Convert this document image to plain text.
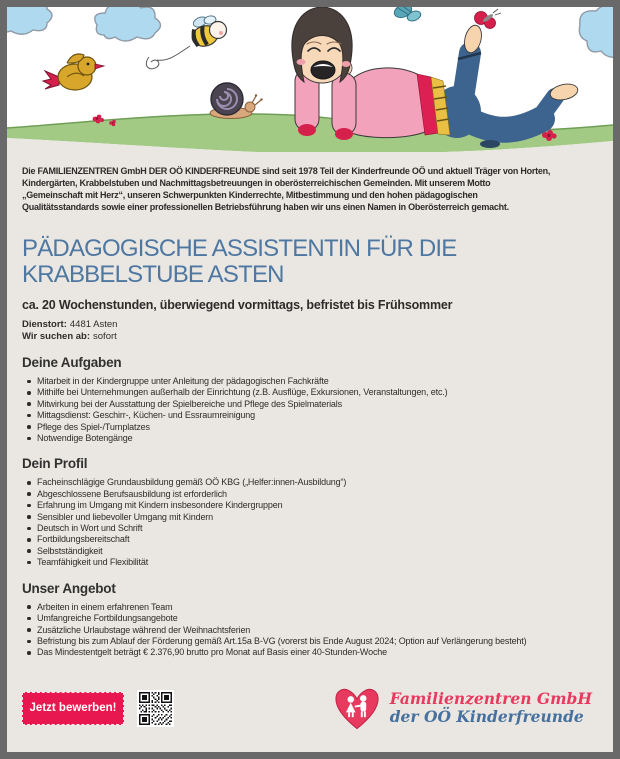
Die FAMILIENZENTREN GmbH DER OÖ KINDERFREUNDE sind seit 1978 Teil der Kinderfreunde OÖ und aktuell Träger von Horten,
Kindergärten, Krabbelstuben und Nachmittagsbetreuungen in oberösterreichischen Gemeinden. Mit unserem Motto
„Gemeinschaft mit Herz“, unseren Schwerpunkten Kinderrechte, Mitbestimmung und den hohen pädagogischen
Qualitätsstandards sowie einer professionellen Betriebsführung haben wir uns einen Namen in Oberösterreich gemacht.
PÄDAGOGISCHE ASSISTENTIN FÜR DIE
KRABBELSTUBE ASTEN
ca. 20 Wochenstunden, überwiegend vormittags, befristet bis Frühsommer
Dienstort: 4481 Asten
Wir suchen ab: sofort
Deine Aufgaben
Mitarbeit in der Kindergruppe unter Anleitung der pädagogischen Fachkräfte
Mithilfe bei Unternehmungen außerhalb der Einrichtung (z.B. Ausflüge, Exkursionen, Veranstaltungen, etc.)
Mitwirkung bei der Ausstattung der Spielbereiche und Pflege des Spielmaterials
Mittagsdienst: Geschirr-, Küchen- und Essraumreinigung
Pflege des Spiel-/Turnplatzes
Notwendige Botengänge
Dein Profil
Facheinschlägige Grundausbildung gemäß OÖ KBG („Helfer:innen-Ausbildung“)
Abgeschlossene Berufsausbildung ist erforderlich
Erfahrung im Umgang mit Kindern insbesondere Kindergruppen
Sensibler und liebevoller Umgang mit Kindern
Deutsch in Wort und Schrift
Fortbildungsbereitschaft
Selbstständigkeit
Teamfähigkeit und Flexibilität
Unser Angebot
Arbeiten in einem erfahrenen Team
Umfangreiche Fortbildungsangebote
Zusätzliche Urlaubstage während der Weihnachtsferien
Befristung bis zum Ablauf der Förderung gemäß Art.15a B-VG (vorerst bis Ende August 2024; Option auf Verlängerung besteht)
Das Mindestentgelt beträgt € 2.376,90 brutto pro Monat auf Basis einer 40-Stunden-Woche
Jetzt bewerben!	Familienzentren GmbH
der OÖ Kinderfreunde
